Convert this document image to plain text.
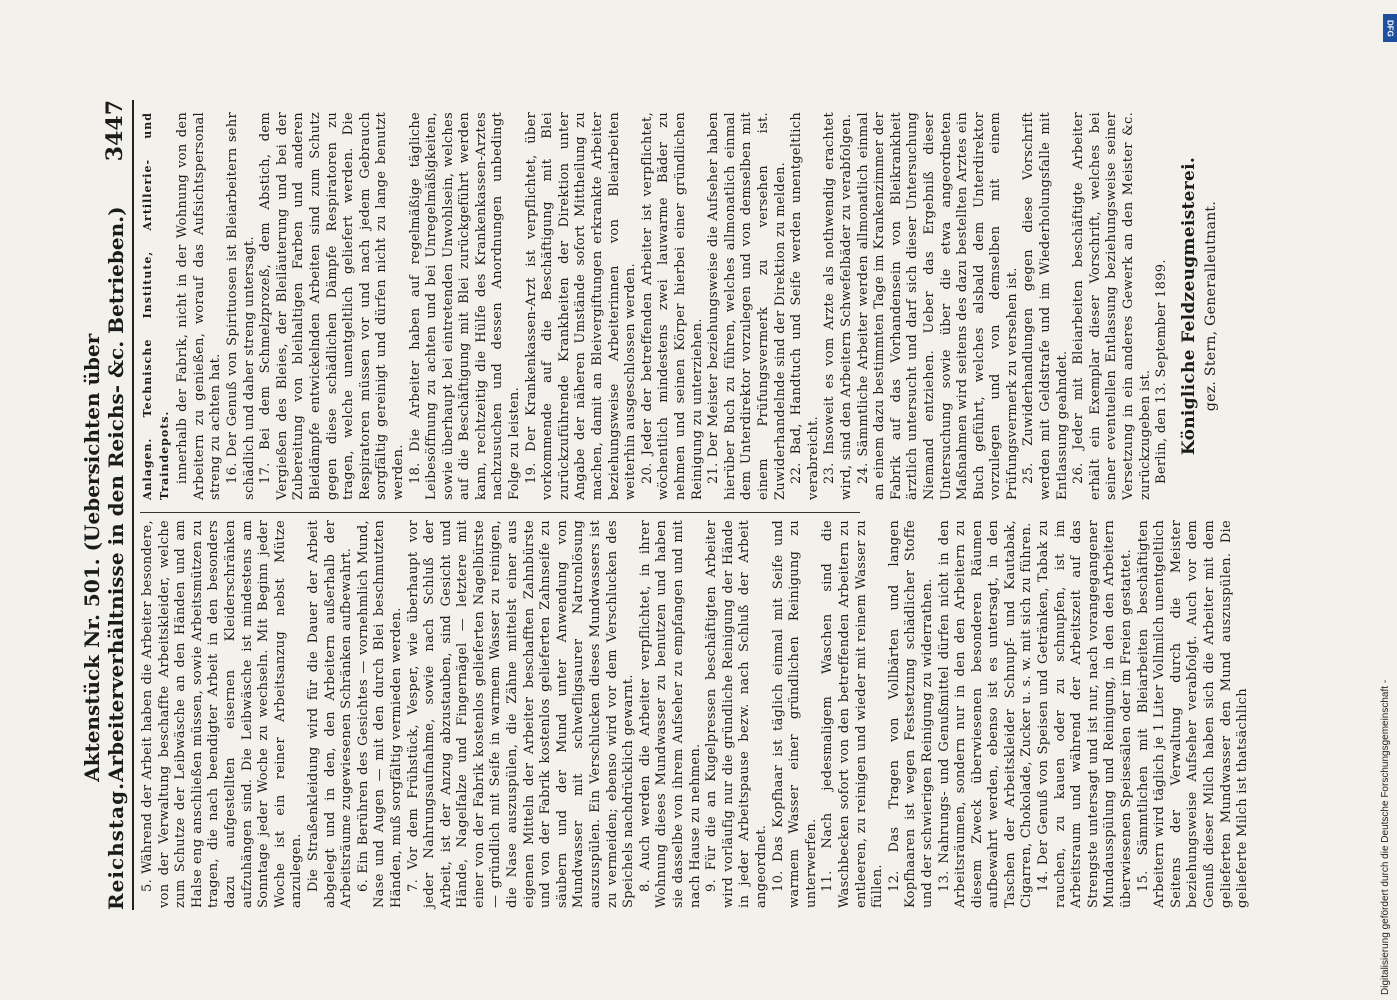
Reichstag.
Aktenstück Nr. 501. (Uebersichten über Arbeiterverhältnisse in den Reichs- &c. Betrieben.)
3447

5. Während der Arbeit haben die Arbeiter besondere, von der Verwaltung beschaffte Arbeitskleider, welche zum Schutze der Leibwäsche an den Händen und am Halse eng anschließen müssen, sowie Arbeitsmützen zu tragen, die nach beendigter Arbeit in den besonders dazu aufgestellten eisernen Kleiderschränken aufzuhängen sind. Die Leibwäsche ist mindestens am Sonntage jeder Woche zu wechseln. Mit Beginn jeder Woche ist ein reiner Arbeitsanzug nebst Mütze anzulegen. Die Straßenkleidung wird für die Dauer der Arbeit abgelegt und in den, den Arbeitern außerhalb der Arbeitsräume zugewiesenen Schränken aufbewahrt. 6. Ein Berühren des Gesichtes — vornehmlich Mund, Nase und Augen — mit den durch Blei beschmutzten Händen, muß sorgfältig vermieden werden. 7. Vor dem Frühstück, Vesper, wie überhaupt vor jeder Nahrungsaufnahme, sowie nach Schluß der Arbeit, ist der Anzug abzustauben, sind Gesicht und Hände, Nagelfalze und Fingernägel — letztere mit einer von der Fabrik kostenlos gelieferten Nagelbürste — gründlich mit Seife in warmem Wasser zu reinigen, die Nase auszuspülen, die Zähne mittelst einer aus eigenen Mitteln der Arbeiter beschafften Zahnbürste und von der Fabrik kostenlos gelieferten Zahnseife zu säubern und der Mund unter Anwendung von Mundwasser mit schwefligsaurer Natronlösung auszuspülen. Ein Verschlucken dieses Mundwassers ist zu vermeiden; ebenso wird vor dem Verschlucken des Speichels nachdrücklich gewarnt. 8. Auch werden die Arbeiter verpflichtet, in ihrer Wohnung dieses Mundwasser zu benutzen und haben sie dasselbe von ihrem Aufseher zu empfangen und mit nach Hause zu nehmen. 9. Für die an Kugelpressen beschäftigten Arbeiter wird vorläufig nur die gründliche Reinigung der Hände in jeder Arbeitspause bezw. nach Schluß der Arbeit angeordnet. 10. Das Kopfhaar ist täglich einmal mit Seife und warmem Wasser einer gründlichen Reinigung zu unterwerfen. 11. Nach jedesmaligem Waschen sind die Waschbecken sofort von den betreffenden Arbeitern zu entleeren, zu reinigen und wieder mit reinem Wasser zu füllen. 12. Das Tragen von Vollbärten und langen Kopfhaaren ist wegen Festsetzung schädlicher Stoffe und der schwierigen Reinigung zu widerrathen. 13. Nahrungs- und Genußmittel dürfen nicht in den Arbeitsräumen, sondern nur in den den Arbeitern zu diesem Zweck überwiesenen besonderen Räumen aufbewahrt werden, ebenso ist es untersagt, in den Taschen der Arbeitskleider Schnupf- und Kautabak, Cigarren, Chokolade, Zucker u. s. w. mit sich zu führen. 14. Der Genuß von Speisen und Getränken, Tabak zu rauchen, zu kauen oder zu schnupfen, ist im Arbeitsraum und während der Arbeitszeit auf das Strengste untersagt und ist nur, nach vorangegangener Mundausspülung und Reinigung, in den den Arbeitern überwiesenen Speisesälen oder im Freien gestattet. 15. Sämmtlichen mit Bleiarbeiten beschäftigten Arbeitern wird täglich je 1 Liter Vollmilch unentgeltlich Seitens der Verwaltung durch die Meister beziehungsweise Aufseher verabfolgt. Auch vor dem Genuß dieser Milch haben sich die Arbeiter mit dem gelieferten Mundwasser den Mund auszuspülen. Die gelieferte Milch ist thatsächlich

Anlagen. Technische Institute, Artillerie- und Traindepots. innerhalb der Fabrik, nicht in der Wohnung von den Arbeitern zu genießen, worauf das Aufsichtspersonal streng zu achten hat. 16. Der Genuß von Spirituosen ist Bleiarbeitern sehr schädlich und daher streng untersagt. 17. Bei dem Schmelzprozeß, dem Abstich, dem Vergießen des Bleies, der Bleiläuterung und bei der Zubereitung von bleihaltigen Farben und anderen Bleidämpfe entwickelnden Arbeiten sind zum Schutz gegen diese schädlichen Dämpfe Respiratoren zu tragen, welche unentgeltlich geliefert werden. Die Respiratoren müssen vor und nach jedem Gebrauch sorgfältig gereinigt und dürfen nicht zu lange benutzt werden. 18. Die Arbeiter haben auf regelmäßige tägliche Leibesöffnung zu achten und bei Unregelmäßigkeiten, sowie überhaupt bei eintretenden Unwohlsein, welches auf die Beschäftigung mit Blei zurückgeführt werden kann, rechtzeitig die Hülfe des Krankenkassen-Arztes nachzusuchen und dessen Anordnungen unbedingt Folge zu leisten. 19. Der Krankenkassen-Arzt ist verpflichtet, über vorkommende auf die Beschäftigung mit Blei zurückzuführende Krankheiten der Direktion unter Angabe der näheren Umstände sofort Mittheilung zu machen, damit an Bleivergiftungen erkrankte Arbeiter beziehungsweise Arbeiterinnen von Bleiarbeiten weiterhin ausgeschlossen werden. 20. Jeder der betreffenden Arbeiter ist verpflichtet, wöchentlich mindestens zwei lauwarme Bäder zu nehmen und seinen Körper hierbei einer gründlichen Reinigung zu unterziehen. 21. Der Meister beziehungsweise die Aufseher haben hierüber Buch zu führen, welches allmonatlich einmal dem Unterdirektor vorzulegen und von demselben mit einem Prüfungsvermerk zu versehen ist. Zuwiderhandelnde sind der Direktion zu melden. 22. Bad, Handtuch und Seife werden unentgeltlich verabreicht. 23. Insoweit es vom Arzte als nothwendig erachtet wird, sind den Arbeitern Schwefelbäder zu verabfolgen. 24. Sämmtliche Arbeiter werden allmonatlich einmal an einem dazu bestimmten Tage im Krankenzimmer der Fabrik auf das Vorhandensein von Bleikrankheit ärztlich untersucht und darf sich dieser Untersuchung Niemand entziehen. Ueber das Ergebniß dieser Untersuchung sowie über die etwa angeordneten Maßnahmen wird seitens des dazu bestellten Arztes ein Buch geführt, welches alsbald dem Unterdirektor vorzulegen und von demselben mit einem Prüfungsvermerk zu versehen ist. 25. Zuwiderhandlungen gegen diese Vorschrift werden mit Geldstrafe und im Wiederholungsfalle mit Entlassung geahndet. 26. Jeder mit Bleiarbeiten beschäftigte Arbeiter erhält ein Exemplar dieser Vorschrift, welches bei seiner eventuellen Entlassung beziehungsweise seiner Versetzung in ein anderes Gewerk an den Meister &c. zurückzugeben ist. Berlin, den 13. September 1899. Königliche Feldzeugmeisterei. gez. Stern, Generalleutnant.
DFG
Digitalisierung gefördert durch die Deutsche Forschungsgemeinschaft -
